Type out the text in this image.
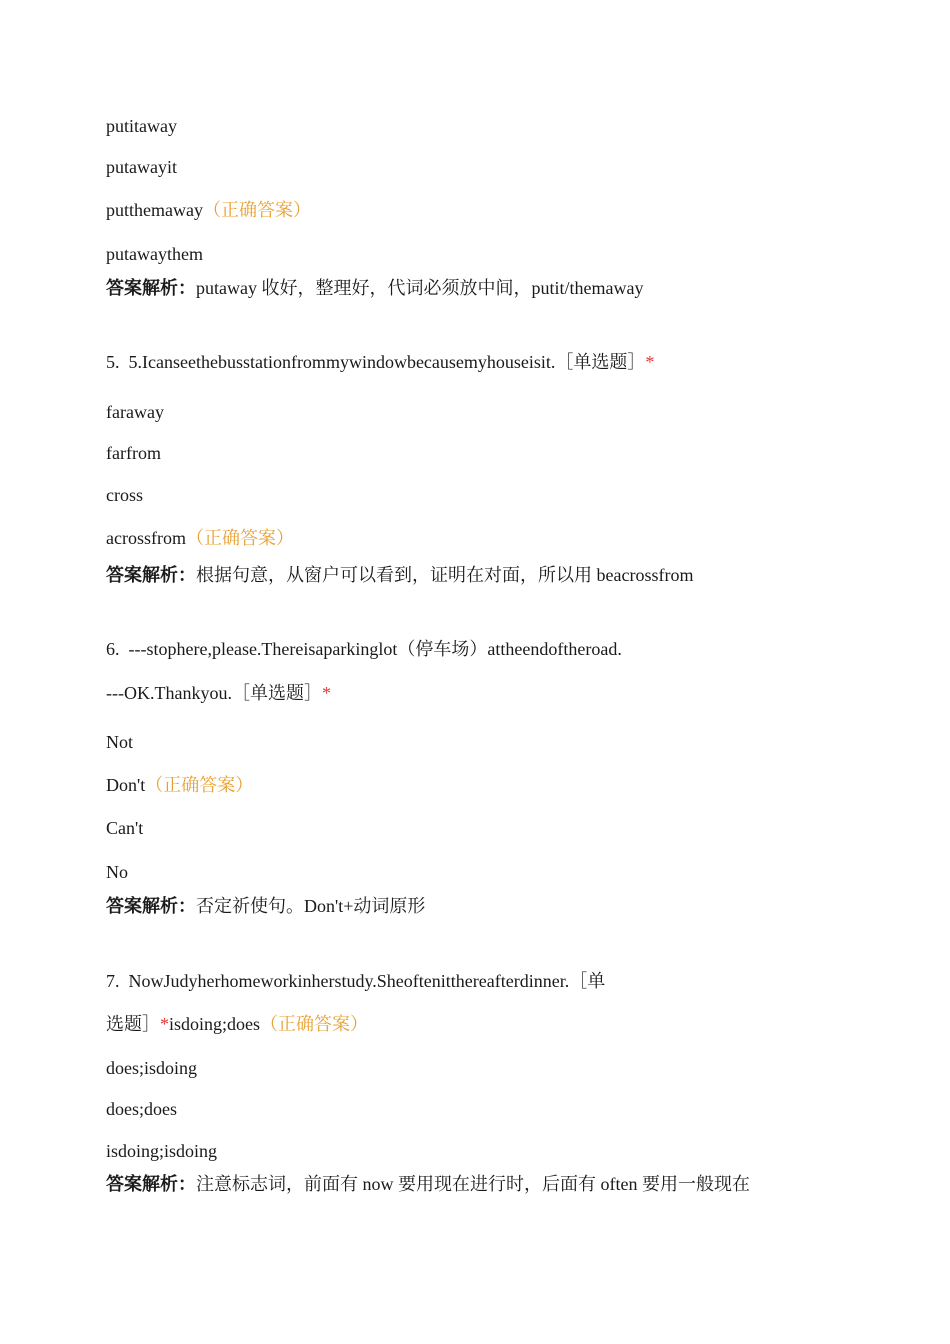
putitaway
putawayit
putthemaway（正确答案）
putawaythem
答案解析：putaway 收好，整理好，代词必须放中间，putit/themaway
5. 5.Icanseethebusstationfrommywindowbecausemyhouseisit.［单选题］*
faraway
farfrom
cross
acrossfrom（正确答案）
答案解析：根据句意，从窗户可以看到，证明在对面，所以用 beacrossfrom
6. ---stophere,please.Thereisaparkinglot（停车场）attheendoftheroad.
---OK.Thankyou.［单选题］*
Not
Don't（正确答案）
Can't
No
答案解析：否定祈使句。Don't+动词原形
7. NowJudyherhomeworkinherstudy.Sheoftenitthereafterdinner.［单
选题］*isdoing;does（正确答案）
does;isdoing
does;does
isdoing;isdoing
答案解析：注意标志词，前面有 now 要用现在进行时，后面有 often 要用一般现在
